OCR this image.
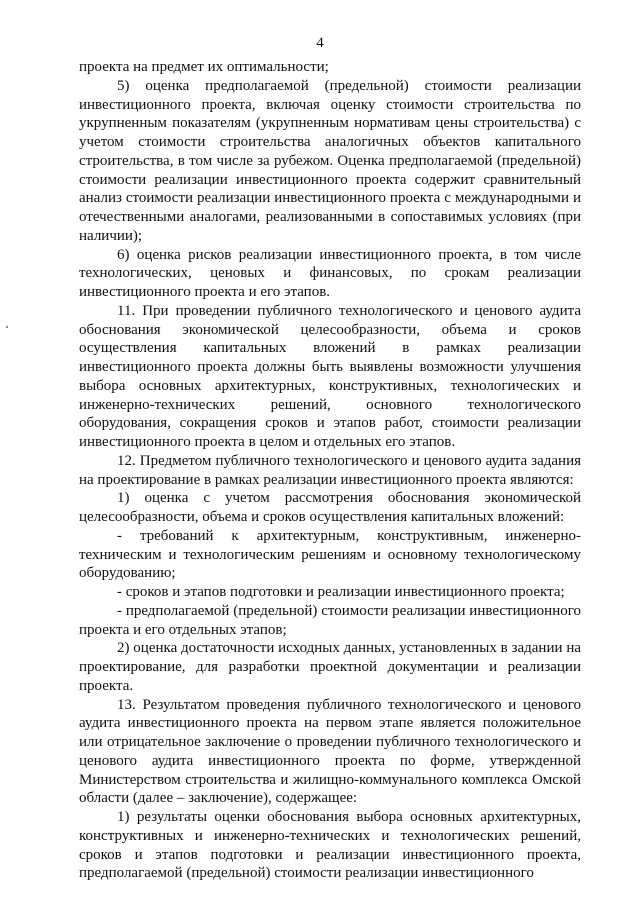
4

проекта на предмет их оптимальности;

5) оценка предполагаемой (предельной) стоимости реализации инвестиционного проекта, включая оценку стоимости строительства по укрупненным показателям (укрупненным нормативам цены строительства) с учетом стоимости строительства аналогичных объектов капитального строительства, в том числе за рубежом. Оценка предполагаемой (предельной) стоимости реализации инвестиционного проекта содержит сравнительный анализ стоимости реализации инвестиционного проекта с международными и отечественными аналогами, реализованными в сопоставимых условиях (при наличии);

6) оценка рисков реализации инвестиционного проекта, в том числе технологических, ценовых и финансовых, по срокам реализации инвестиционного проекта и его этапов.

11. При проведении публичного технологического и ценового аудита обоснования экономической целесообразности, объема и сроков осуществления капитальных вложений в рамках реализации инвестиционного проекта должны быть выявлены возможности улучшения выбора основных архитектурных, конструктивных, технологических и инженерно-технических решений, основного технологического оборудования, сокращения сроков и этапов работ, стоимости реализации инвестиционного проекта в целом и отдельных его этапов.

12. Предметом публичного технологического и ценового аудита задания на проектирование в рамках реализации инвестиционного проекта являются:

1) оценка с учетом рассмотрения обоснования экономической целесообразности, объема и сроков осуществления капитальных вложений:

- требований к архитектурным, конструктивным, инженерно-техническим и технологическим решениям и основному технологическому оборудованию;

- сроков и этапов подготовки и реализации инвестиционного проекта;

- предполагаемой (предельной) стоимости реализации инвестиционного проекта и его отдельных этапов;

2) оценка достаточности исходных данных, установленных в задании на проектирование, для разработки проектной документации и реализации проекта.

13. Результатом проведения публичного технологического и ценового аудита инвестиционного проекта на первом этапе является положительное или отрицательное заключение о проведении публичного технологического и ценового аудита инвестиционного проекта по форме, утвержденной Министерством строительства и жилищно-коммунального комплекса Омской области (далее – заключение), содержащее:

1) результаты оценки обоснования выбора основных архитектурных, конструктивных и инженерно-технических и технологических решений, сроков и этапов подготовки и реализации инвестиционного проекта, предполагаемой (предельной) стоимости реализации инвестиционного
